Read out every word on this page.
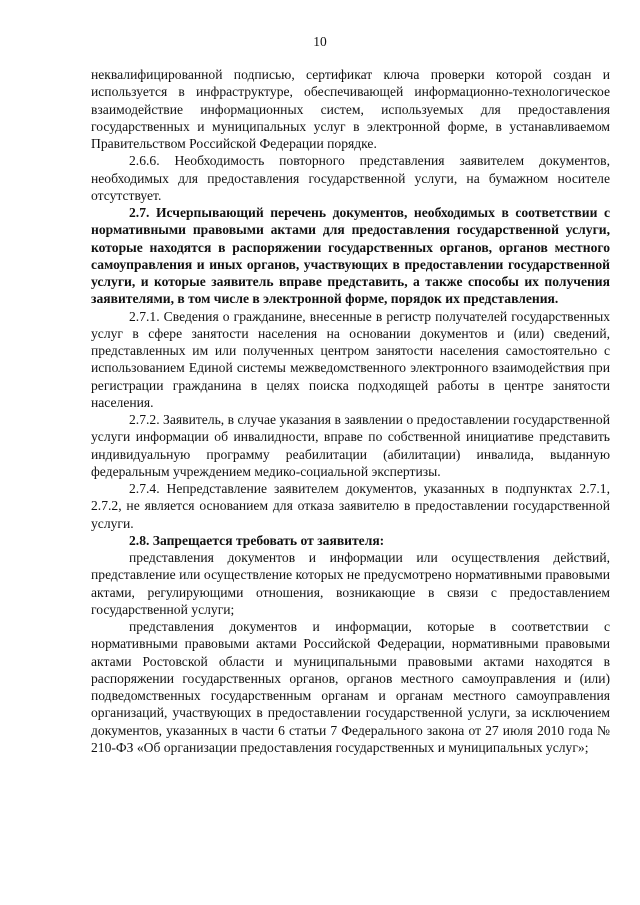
10

неквалифицированной подписью, сертификат ключа проверки которой создан и используется в инфраструктуре, обеспечивающей информационно-технологическое взаимодействие информационных систем, используемых для предоставления государственных и муниципальных услуг в электронной форме, в устанавливаемом Правительством Российской Федерации порядке.

2.6.6. Необходимость повторного представления заявителем документов, необходимых для предоставления государственной услуги, на бумажном носителе отсутствует.

2.7. Исчерпывающий перечень документов, необходимых в соответствии с нормативными правовыми актами для предоставления государственной услуги, которые находятся в распоряжении государственных органов, органов местного самоуправления и иных органов, участвующих в предоставлении государственной услуги, и которые заявитель вправе представить, а также способы их получения заявителями, в том числе в электронной форме, порядок их представления.

2.7.1. Сведения о гражданине, внесенные в регистр получателей государственных услуг в сфере занятости населения на основании документов и (или) сведений, представленных им или полученных центром занятости населения самостоятельно с использованием Единой системы межведомственного электронного взаимодействия при регистрации гражданина в целях поиска подходящей работы в центре занятости населения.

2.7.2. Заявитель, в случае указания в заявлении о предоставлении государственной услуги информации об инвалидности, вправе по собственной инициативе представить индивидуальную программу реабилитации (абилитации) инвалида, выданную федеральным учреждением медико-социальной экспертизы.

2.7.4. Непредставление заявителем документов, указанных в подпунктах 2.7.1, 2.7.2, не является основанием для отказа заявителю в предоставлении государственной услуги.

2.8. Запрещается требовать от заявителя:

представления документов и информации или осуществления действий, представление или осуществление которых не предусмотрено нормативными правовыми актами, регулирующими отношения, возникающие в связи с предоставлением государственной услуги;

представления документов и информации, которые в соответствии с нормативными правовыми актами Российской Федерации, нормативными правовыми актами Ростовской области и муниципальными правовыми актами находятся в распоряжении государственных органов, органов местного самоуправления и (или) подведомственных государственным органам и органам местного самоуправления организаций, участвующих в предоставлении государственной услуги, за исключением документов, указанных в части 6 статьи 7 Федерального закона от 27 июля 2010 года № 210-ФЗ «Об организации предоставления государственных и муниципальных услуг»;
